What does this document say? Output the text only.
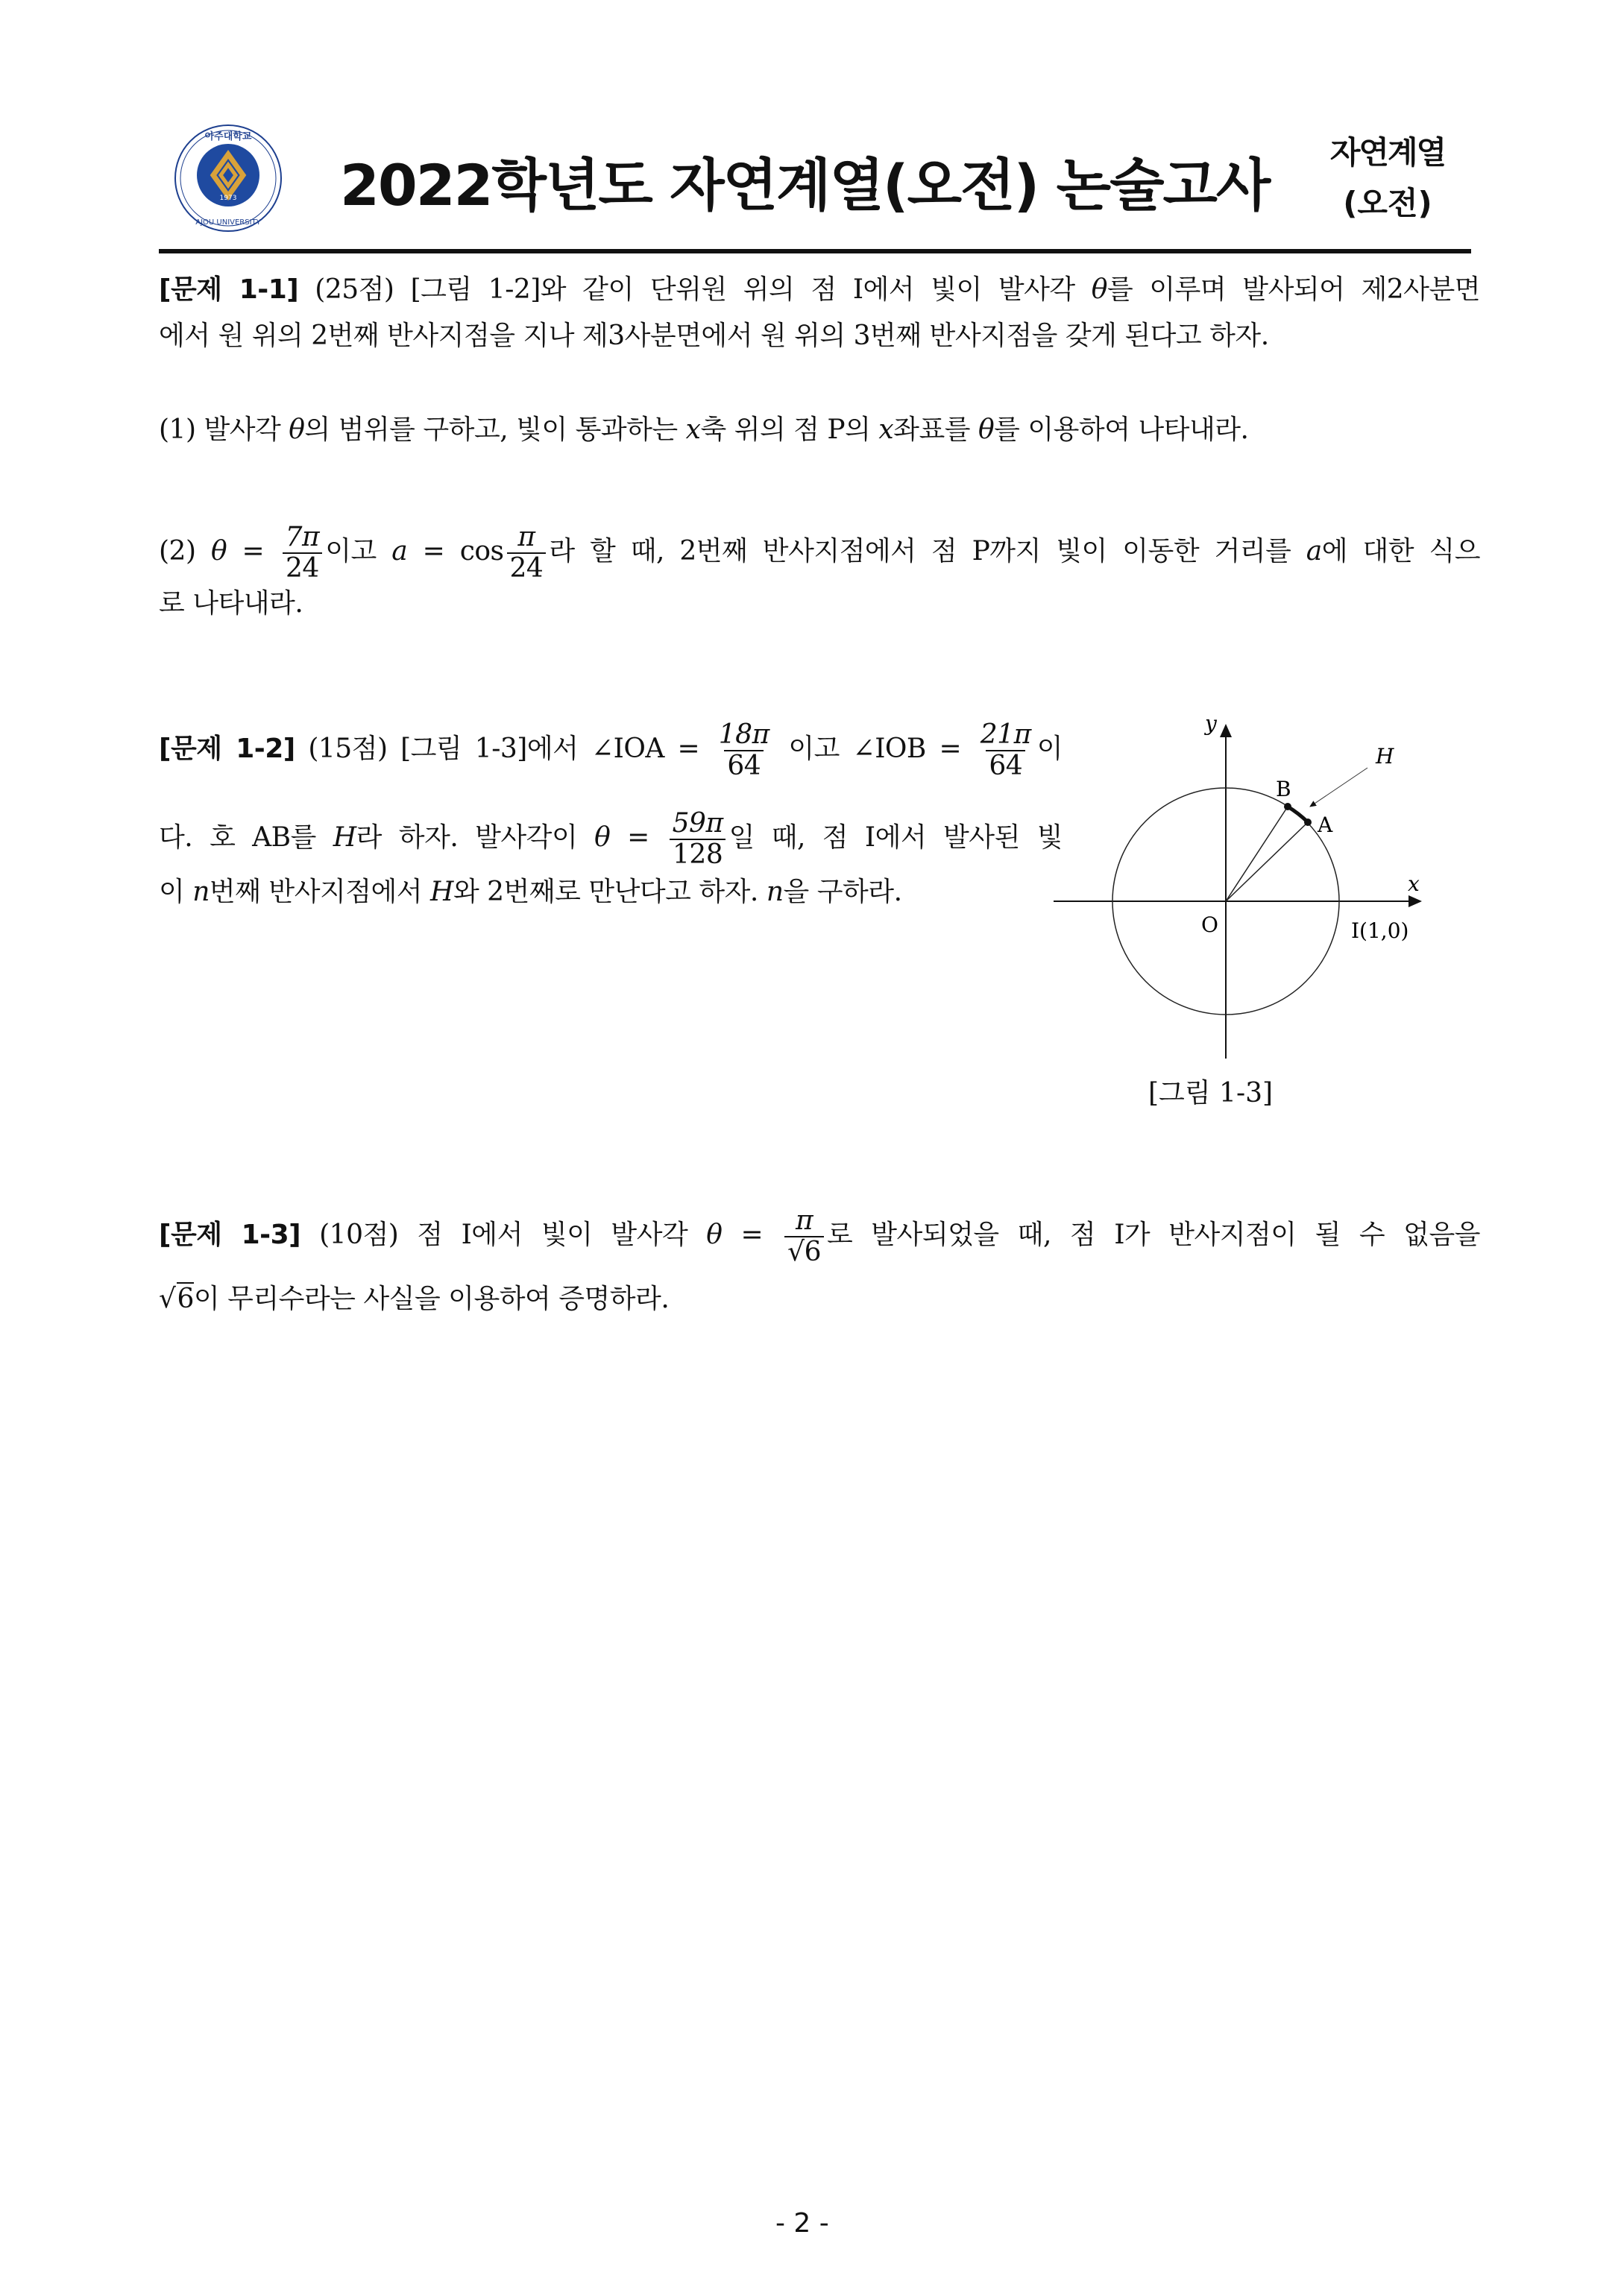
1973
아주대학교
AJOU UNIVERSITY
2022학년도 자연계열(오전) 논술고사	자연계열
(오전)
[문제 1-1] (25점) [그림 1-2]와 같이 단위원 위의 점 I에서 빛이 발사각 θ를 이루며 발사되어 제2사분면
에서 원 위의 2번째 반사지점을 지나 제3사분면에서 원 위의 3번째 반사지점을 갖게 된다고 하자.
(1) 발사각 θ의 범위를 구하고, 빛이 통과하는 x축 위의 점 P의 x좌표를 θ를 이용하여 나타내라.
(2) $\theta = \frac{7\pi}{24}$ 이고 $a = \cos \frac{\pi}{24}$ 라 할 때, 2번째 반사지점에서 점 P까지 빛이 이동한 거리를 a에 대한 식으
로 나타내라.
[문제 1-2] (15점) [그림 1-3]에서 ∠IOA = $\frac{18\pi}{64}$ 이고 ∠IOB = $\frac{21\pi}{64}$ 이
다. 호 AB를 H라 하자. 발사각이 $\theta = \frac{59\pi}{128}$ 일 때, 점 I에서 발사된 빛
이 n번째 반사지점에서 H와 2번째로 만난다고 하자. n을 구하라.
[문제 1-3] (10점) 점 I에서 빛이 발사각 $\theta = \frac{\pi}{√6}$ 로 발사되었을 때, 점 I가 반사지점이 될 수 없음을
√6이 무리수라는 사실을 이용하여 증명하라.
y
x
O	I(1,0)
B
A
H
[그림 1-3]
- 2 -
